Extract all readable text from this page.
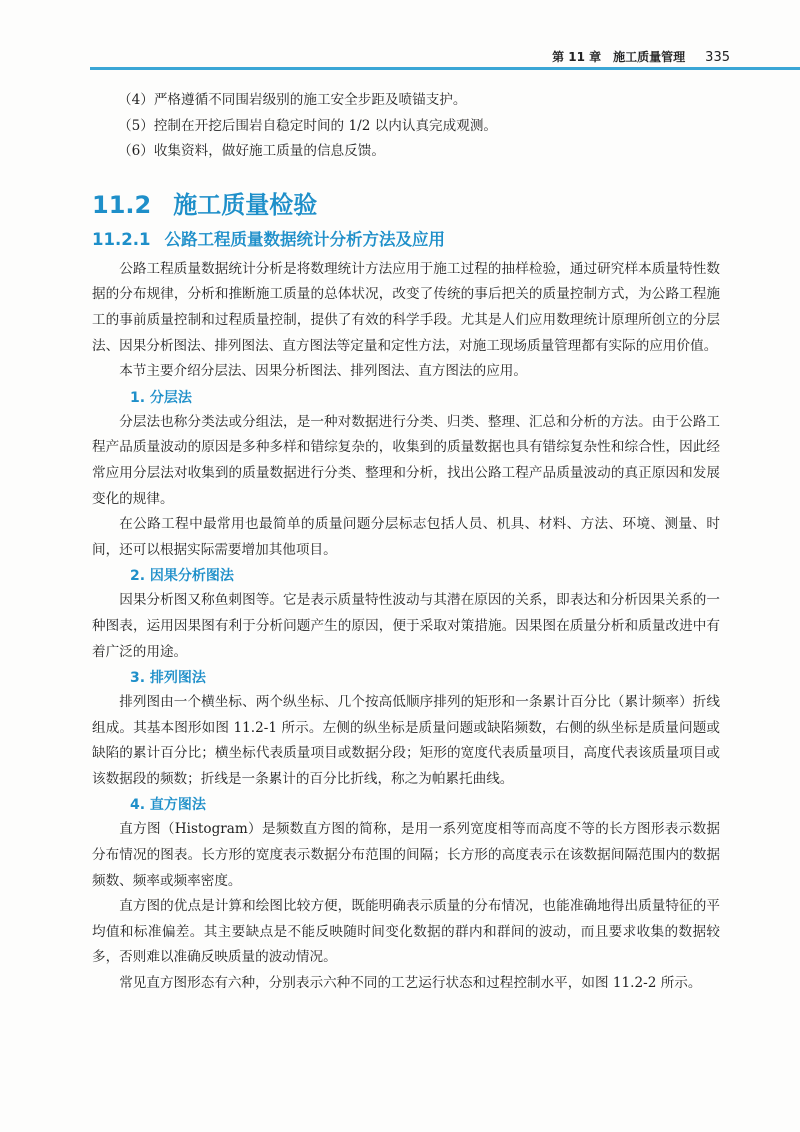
第 11 章 施工质量管理 335

（4）严格遵循不同围岩级别的施工安全步距及喷锚支护。

（5）控制在开挖后围岩自稳定时间的 1/2 以内认真完成观测。

（6）收集资料，做好施工质量的信息反馈。

11.2 施工质量检验
11.2.1 公路工程质量数据统计分析方法及应用

公路工程质量数据统计分析是将数理统计方法应用于施工过程的抽样检验，通过研究样本质量特性数据的分布规律，分析和推断施工质量的总体状况，改变了传统的事后把关的质量控制方式，为公路工程施工的事前质量控制和过程质量控制，提供了有效的科学手段。尤其是人们应用数理统计原理所创立的分层法、因果分析图法、排列图法、直方图法等定量和定性方法，对施工现场质量管理都有实际的应用价值。

本节主要介绍分层法、因果分析图法、排列图法、直方图法的应用。

1. 分层法

分层法也称分类法或分组法，是一种对数据进行分类、归类、整理、汇总和分析的方法。由于公路工程产品质量波动的原因是多种多样和错综复杂的，收集到的质量数据也具有错综复杂性和综合性，因此经常应用分层法对收集到的质量数据进行分类、整理和分析，找出公路工程产品质量波动的真正原因和发展变化的规律。

在公路工程中最常用也最简单的质量问题分层标志包括人员、机具、材料、方法、环境、测量、时间，还可以根据实际需要增加其他项目。

2. 因果分析图法

因果分析图又称鱼刺图等。它是表示质量特性波动与其潜在原因的关系，即表达和分析因果关系的一种图表，运用因果图有利于分析问题产生的原因，便于采取对策措施。因果图在质量分析和质量改进中有着广泛的用途。

3. 排列图法

排列图由一个横坐标、两个纵坐标、几个按高低顺序排列的矩形和一条累计百分比（累计频率）折线组成。其基本图形如图 11.2-1 所示。左侧的纵坐标是质量问题或缺陷频数，右侧的纵坐标是质量问题或缺陷的累计百分比；横坐标代表质量项目或数据分段；矩形的宽度代表质量项目，高度代表该质量项目或该数据段的频数；折线是一条累计的百分比折线，称之为帕累托曲线。

4. 直方图法

直方图（Histogram）是频数直方图的简称，是用一系列宽度相等而高度不等的长方图形表示数据分布情况的图表。长方形的宽度表示数据分布范围的间隔；长方形的高度表示在该数据间隔范围内的数据频数、频率或频率密度。

直方图的优点是计算和绘图比较方便，既能明确表示质量的分布情况，也能准确地得出质量特征的平均值和标准偏差。其主要缺点是不能反映随时间变化数据的群内和群间的波动，而且要求收集的数据较多，否则难以准确反映质量的波动情况。

常见直方图形态有六种，分别表示六种不同的工艺运行状态和过程控制水平，如图 11.2-2 所示。
